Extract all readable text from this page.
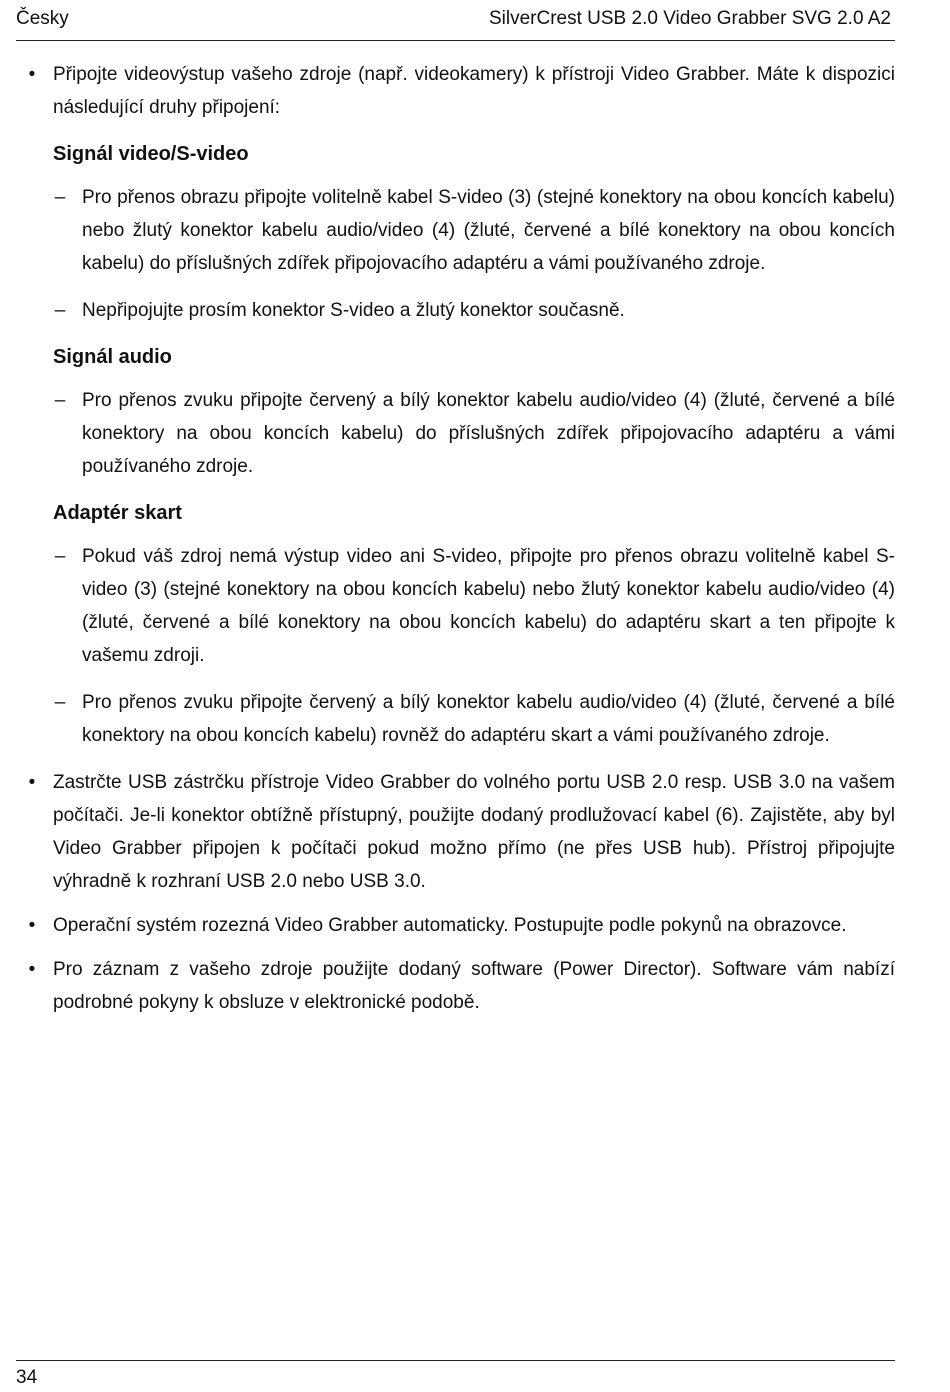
Česky	SilverCrest USB 2.0 Video Grabber SVG 2.0 A2
• Připojte videovýstup vašeho zdroje (např. videokamery) k přístroji Video Grabber. Máte k dispozici následující druhy připojení:
Signál video/S-video
– Pro přenos obrazu připojte volitelně kabel S-video (3) (stejné konektory na obou koncích kabelu) nebo žlutý konektor kabelu audio/video (4) (žluté, červené a bílé konektory na obou koncích kabelu) do příslušných zdířek připojovacího adaptéru a vámi používaného zdroje.
– Nepřipojujte prosím konektor S-video a žlutý konektor současně.
Signál audio
– Pro přenos zvuku připojte červený a bílý konektor kabelu audio/video (4) (žluté, červené a bílé konektory na obou koncích kabelu) do příslušných zdířek připojovacího adaptéru a vámi používaného zdroje.
Adaptér skart
– Pokud váš zdroj nemá výstup video ani S-video, připojte pro přenos obrazu volitelně kabel S-video (3) (stejné konektory na obou koncích kabelu) nebo žlutý konektor kabelu audio/video (4) (žluté, červené a bílé konektory na obou koncích kabelu) do adaptéru skart a ten připojte k vašemu zdroji.
– Pro přenos zvuku připojte červený a bílý konektor kabelu audio/video (4) (žluté, červené a bílé konektory na obou koncích kabelu) rovněž do adaptéru skart a vámi používaného zdroje.
• Zastrčte USB zástrčku přístroje Video Grabber do volného portu USB 2.0 resp. USB 3.0 na vašem počítači. Je-li konektor obtížně přístupný, použijte dodaný prodlužovací kabel (6). Zajistěte, aby byl Video Grabber připojen k počítači pokud možno přímo (ne přes USB hub). Přístroj připojujte výhradně k rozhraní USB 2.0 nebo USB 3.0.
• Operační systém rozezná Video Grabber automaticky. Postupujte podle pokynů na obrazovce.
• Pro záznam z vašeho zdroje použijte dodaný software (Power Director). Software vám nabízí podrobné pokyny k obsluze v elektronické podobě.
34
